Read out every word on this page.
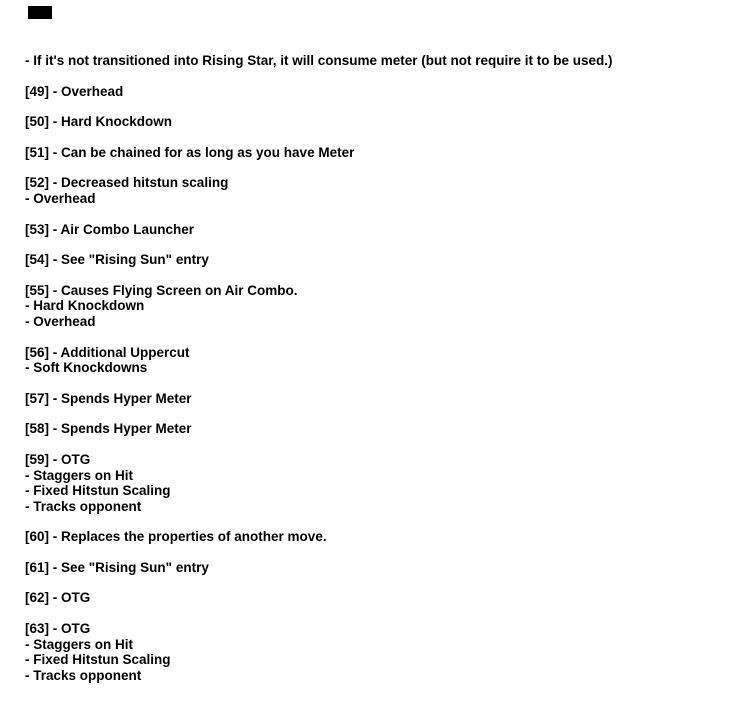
- If it's not transitioned into Rising Star, it will consume meter (but not require it to be used.)

[49] - Overhead

[50] - Hard Knockdown

[51] - Can be chained for as long as you have Meter

[52] - Decreased hitstun scaling
- Overhead

[53] - Air Combo Launcher

[54] - See "Rising Sun" entry

[55] - Causes Flying Screen on Air Combo.
- Hard Knockdown
- Overhead

[56] - Additional Uppercut
- Soft Knockdowns

[57] - Spends Hyper Meter

[58] - Spends Hyper Meter

[59] - OTG
- Staggers on Hit
- Fixed Hitstun Scaling
- Tracks opponent

[60] - Replaces the properties of another move.

[61] - See "Rising Sun" entry

[62] - OTG

[63] - OTG
- Staggers on Hit
- Fixed Hitstun Scaling
- Tracks opponent
